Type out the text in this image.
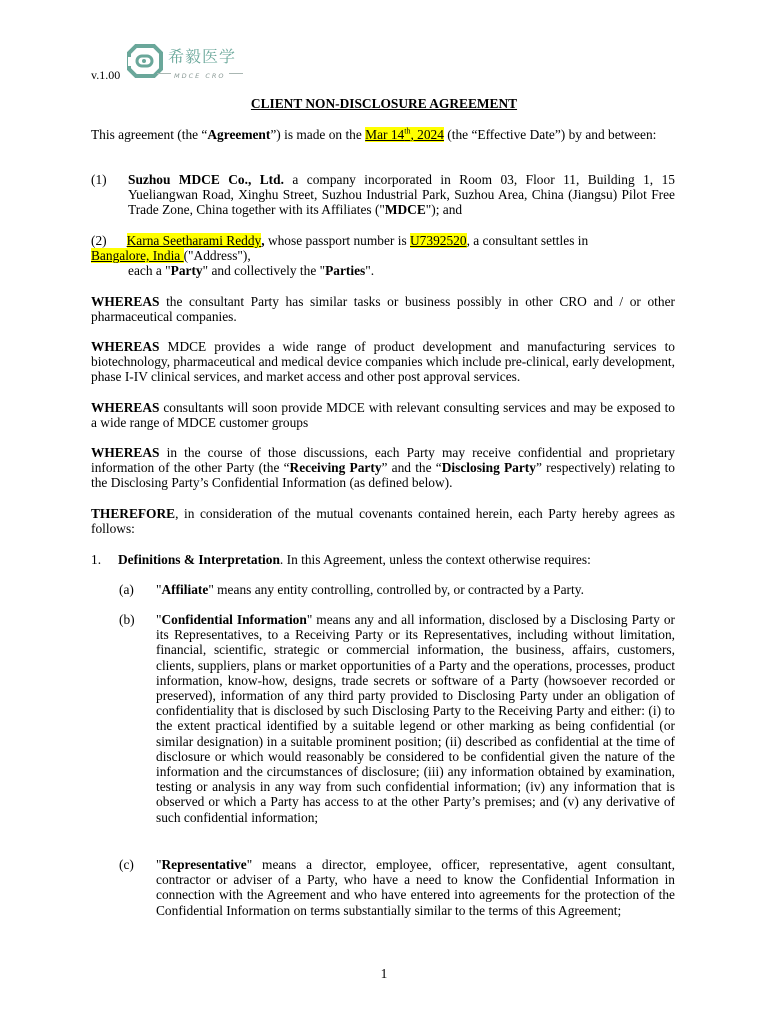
v.1.00
希毅医学
MDCE CRO
CLIENT NON-DISCLOSURE AGREEMENT
This agreement (the “Agreement”) is made on the Mar 14th, 2024 (the “Effective Date”) by and between:
(1) Suzhou MDCE Co., Ltd. a company incorporated in Room 03, Floor 11, Building 1, 15 Yueliangwan Road, Xinghu Street, Suzhou Industrial Park, Suzhou Area, China (Jiangsu) Pilot Free Trade Zone, China together with its Affiliates ("MDCE"); and
(2) Karna Seetharami Reddy, whose passport number is U7392520, a consultant settles in
Bangalore, India ("Address"),
each a "Party" and collectively the "Parties".
WHEREAS the consultant Party has similar tasks or business possibly in other CRO and / or other pharmaceutical companies.
WHEREAS MDCE provides a wide range of product development and manufacturing services to biotechnology, pharmaceutical and medical device companies which include pre-clinical, early development, phase I-IV clinical services, and market access and other post approval services.
WHEREAS consultants will soon provide MDCE with relevant consulting services and may be exposed to a wide range of MDCE customer groups
WHEREAS in the course of those discussions, each Party may receive confidential and proprietary information of the other Party (the “Receiving Party” and the “Disclosing Party” respectively) relating to the Disclosing Party’s Confidential Information (as defined below).
THEREFORE, in consideration of the mutual covenants contained herein, each Party hereby agrees as follows:
1. Definitions & Interpretation. In this Agreement, unless the context otherwise requires:
(a) "Affiliate" means any entity controlling, controlled by, or contracted by a Party.
(b) "Confidential Information" means any and all information, disclosed by a Disclosing Party or its Representatives, to a Receiving Party or its Representatives, including without limitation, financial, scientific, strategic or commercial information, the business, affairs, customers, clients, suppliers, plans or market opportunities of a Party and the operations, processes, product information, know-how, designs, trade secrets or software of a Party (howsoever recorded or preserved), information of any third party provided to Disclosing Party under an obligation of confidentiality that is disclosed by such Disclosing Party to the Receiving Party and either: (i) to the extent practical identified by a suitable legend or other marking as being confidential (or similar designation) in a suitable prominent position; (ii) described as confidential at the time of disclosure or which would reasonably be considered to be confidential given the nature of the information and the circumstances of disclosure; (iii) any information obtained by examination, testing or analysis in any way from such confidential information; (iv) any information that is observed or which a Party has access to at the other Party’s premises; and (v) any derivative of such confidential information;
(c) "Representative" means a director, employee, officer, representative, agent consultant, contractor or adviser of a Party, who have a need to know the Confidential Information in connection with the Agreement and who have entered into agreements for the protection of the Confidential Information on terms substantially similar to the terms of this Agreement;
1
